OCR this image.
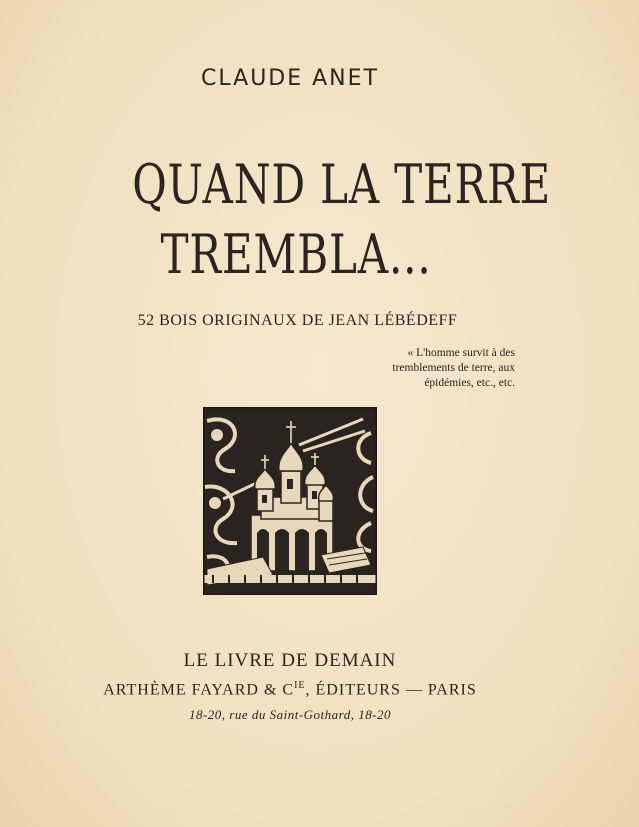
CLAUDE ANET
QUAND LA TERRE
TREMBLA...
52 BOIS ORIGINAUX DE JEAN LÉBÉDEFF
« L'homme survit à des
tremblements de terre, aux
épidémies, etc., etc.
LE LIVRE DE DEMAIN
ARTHÈME FAYARD & $C^{IE}$, ÉDITEURS — PARIS
18-20, rue du Saint-Gothard, 18-20
